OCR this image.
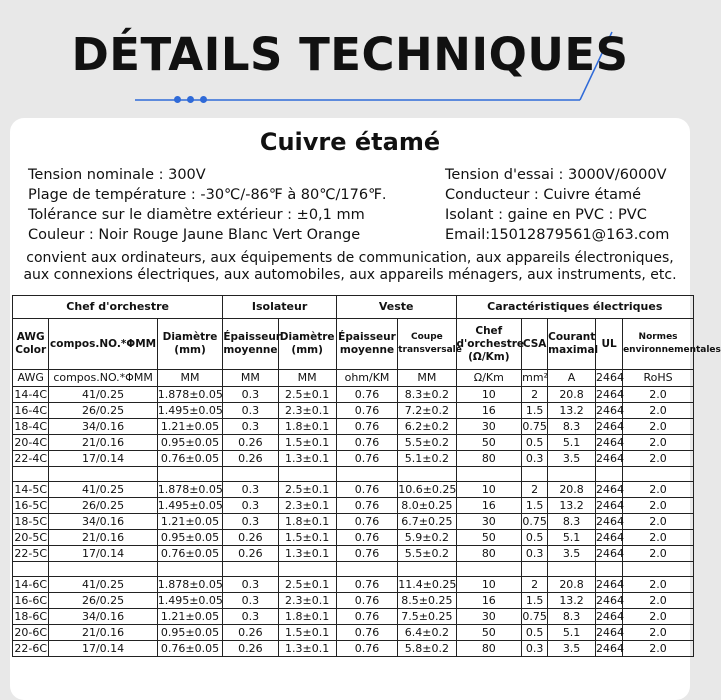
DÉTAILS TECHNIQUES
Cuivre étamé
Tension nominale : 300V
Plage de température : -30℃/-86℉ à 80℃/176℉.
Tolérance sur le diamètre extérieur : ±0,1 mm
Couleur : Noir Rouge Jaune Blanc Vert Orange
Tension d'essai : 3000V/6000V
Conducteur : Cuivre étamé
Isolant : gaine en PVC : PVC
Email:15012879561@163.com
convient aux ordinateurs, aux équipements de communication, aux appareils électroniques,
aux connexions électriques, aux automobiles, aux appareils ménagers, aux instruments, etc.
Chef d'orchestre			Isolateur		Veste		Caractéristiques électriques				
AWG Color	compos.NO.*ΦMM	Diamètre (mm)	Épaisseur moyenne	Diamètre (mm)	Épaisseur moyenne	Coupe transversale	Chef d'orchestre (Ω/Km)	CSA	Courant maximal	UL	Normes environnementales
AWG	compos.NO.*ΦMM	MM	MM	MM	ohm/KM	MM	Ω/Km	mm²	A	2464	RoHS
14-4C	41/0.25	1.878±0.05	0.3	2.5±0.1	0.76	8.3±0.2	10	2	20.8	2464	2.0
16-4C	26/0.25	1.495±0.05	0.3	2.3±0.1	0.76	7.2±0.2	16	1.5	13.2	2464	2.0
18-4C	34/0.16	1.21±0.05	0.3	1.8±0.1	0.76	6.2±0.2	30	0.75	8.3	2464	2.0
20-4C	21/0.16	0.95±0.05	0.26	1.5±0.1	0.76	5.5±0.2	50	0.5	5.1	2464	2.0
22-4C	17/0.14	0.76±0.05	0.26	1.3±0.1	0.76	5.1±0.2	80	0.3	3.5	2464	2.0

14-5C	41/0.25	1.878±0.05	0.3	2.5±0.1	0.76	10.6±0.25	10	2	20.8	2464	2.0
16-5C	26/0.25	1.495±0.05	0.3	2.3±0.1	0.76	8.0±0.25	16	1.5	13.2	2464	2.0
18-5C	34/0.16	1.21±0.05	0.3	1.8±0.1	0.76	6.7±0.25	30	0.75	8.3	2464	2.0
20-5C	21/0.16	0.95±0.05	0.26	1.5±0.1	0.76	5.9±0.2	50	0.5	5.1	2464	2.0
22-5C	17/0.14	0.76±0.05	0.26	1.3±0.1	0.76	5.5±0.2	80	0.3	3.5	2464	2.0

14-6C	41/0.25	1.878±0.05	0.3	2.5±0.1	0.76	11.4±0.25	10	2	20.8	2464	2.0
16-6C	26/0.25	1.495±0.05	0.3	2.3±0.1	0.76	8.5±0.25	16	1.5	13.2	2464	2.0
18-6C	34/0.16	1.21±0.05	0.3	1.8±0.1	0.76	7.5±0.25	30	0.75	8.3	2464	2.0
20-6C	21/0.16	0.95±0.05	0.26	1.5±0.1	0.76	6.4±0.2	50	0.5	5.1	2464	2.0
22-6C	17/0.14	0.76±0.05	0.26	1.3±0.1	0.76	5.8±0.2	80	0.3	3.5	2464	2.0
